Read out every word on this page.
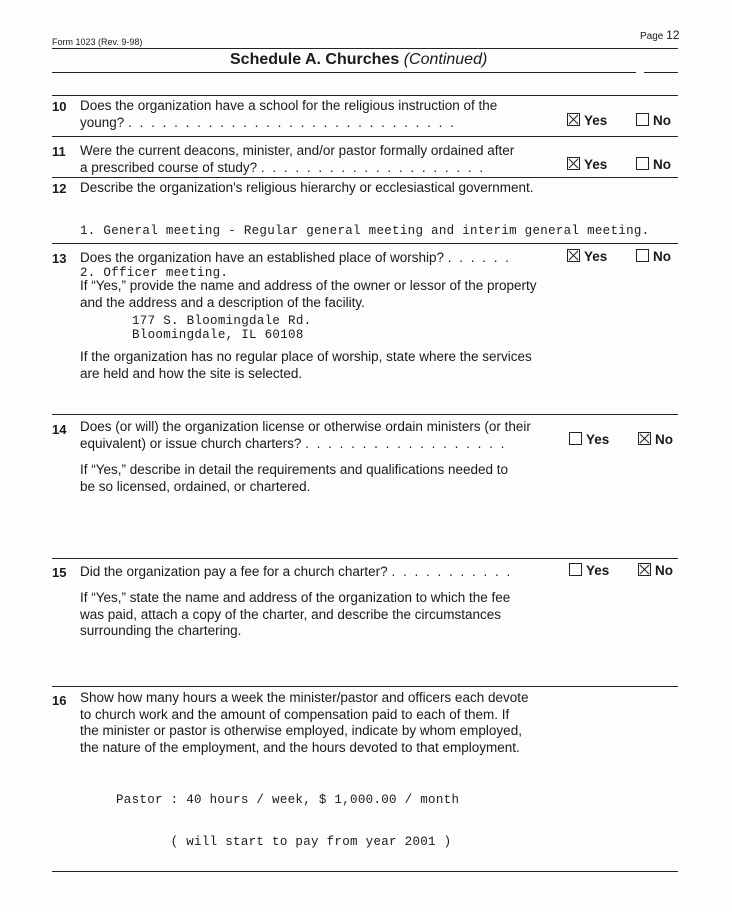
Form 1023 (Rev. 9-98)	Page 12
Schedule A. Churches (Continued)
10 Does the organization have a school for the religious instruction of the
young? . . . . . . . . . . . . . . . . . . . . . . . . . . . . .	Yes	No
11 Were the current deacons, minister, and/or pastor formally ordained after
a prescribed course of study? . . . . . . . . . . . . . . . . . . . .	Yes	No
12 Describe the organization's religious hierarchy or ecclesiastical government.

1. General meeting - Regular general meeting and interim general meeting.

2. Officer meeting.

13 Does the organization have an established place of worship? . . . . . .	Yes	No
If “Yes,” provide the name and address of the owner or lessor of the property
and the address and a description of the facility.
177 S. Bloomingdale Rd.
Bloomingdale, IL 60108
If the organization has no regular place of worship, state where the services
are held and how the site is selected.
14 Does (or will) the organization license or otherwise ordain ministers (or their
equivalent) or issue church charters? . . . . . . . . . . . . . . . . . .	Yes	No
If “Yes,” describe in detail the requirements and qualifications needed to
be so licensed, ordained, or chartered.
15 Did the organization pay a fee for a church charter? . . . . . . . . . . .	Yes	No
If “Yes,” state the name and address of the organization to which the fee
was paid, attach a copy of the charter, and describe the circumstances
surrounding the chartering.
16 Show how many hours a week the minister/pastor and officers each devote
to church work and the amount of compensation paid to each of them. If
the minister or pastor is otherwise employed, indicate by whom employed,
the nature of the employment, and the hours devoted to that employment.

Pastor : 40 hours / week, $ 1,000.00 / month

( will start to pay from year 2001 )
